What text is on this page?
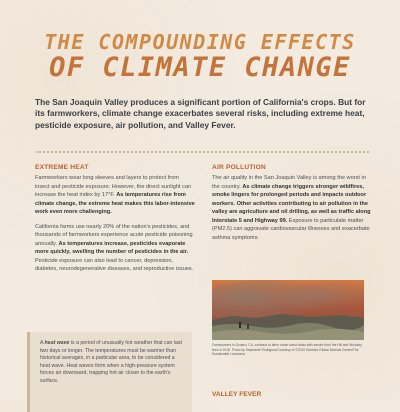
THE COMPOUNDING EFFECTS
OF CLIMATE CHANGE
The San Joaquin Valley produces a significant portion of California's crops. But for its farmworkers, climate change exacerbates several risks, including extreme heat, pesticide exposure, air pollution, and Valley Fever.
EXTREME HEAT

Farmworkers wear long sleeves and layers to protect from insect and pesticide exposure. However, the direct sunlight can increase the heat index by 17°F. As temperatures rise from climate change, the extreme heat makes this labor-intensive work even more challenging.

California farms use nearly 20% of the nation's pesticides, and thousands of farmworkers experience acute pesticide poisoning annually. As temperatures increase, pesticides evaporate more quickly, swelling the number of pesticides in the air. Pesticide exposure can also lead to cancer, depression, diabetes, neurodegenerative diseases, and reproductive issues.

A heat wave is a period of unusually hot weather that can last two days or longer. The temperatures must be warmer than historical averages, in a particular area, to be considered a heat wave. Heat waves form when a high-pressure system forces air downward, trapping hot air closer to the earth's surface.
AIR POLLUTION

The air quality in the San Joaquin Valley is among the worst in the country. As climate change triggers stronger wildfires, smoke lingers for prolonged periods and impacts outdoor workers. Other activities contributing to air pollution in the valley are agriculture and oil drilling, as well as traffic along Interstate 5 and Highway 99. Exposure to particulate matter (PM2.5) can aggravate cardiovascular illnesses and exacerbate asthma symptoms.

Farmworkers in Oxnard, CA, continue to labor under harsh skies with smoke from the Hill and Woolsey fires in 2018. Photo by Stephanie Rodriguez/Courtesy of ©2019 Stanford Global Medical Center/The Sustainable Lanorama
VALLEY FEVER
